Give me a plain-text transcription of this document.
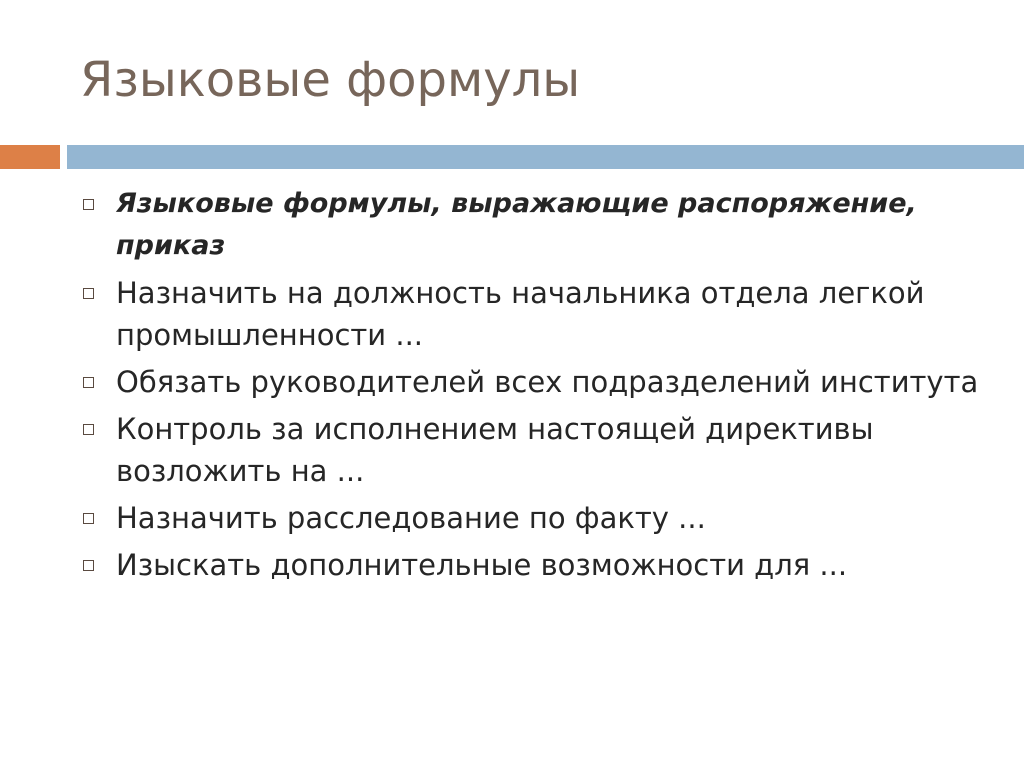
Языковые формулы
Языковые формулы, выражающие распоряжение, приказ
Назначить на должность начальника отдела легкой промышленности ...
Обязать руководителей всех подразделений института
Контроль за исполнением настоящей директивы возложить на ...
Назначить расследование по факту ...
Изыскать дополнительные возможности для ...
